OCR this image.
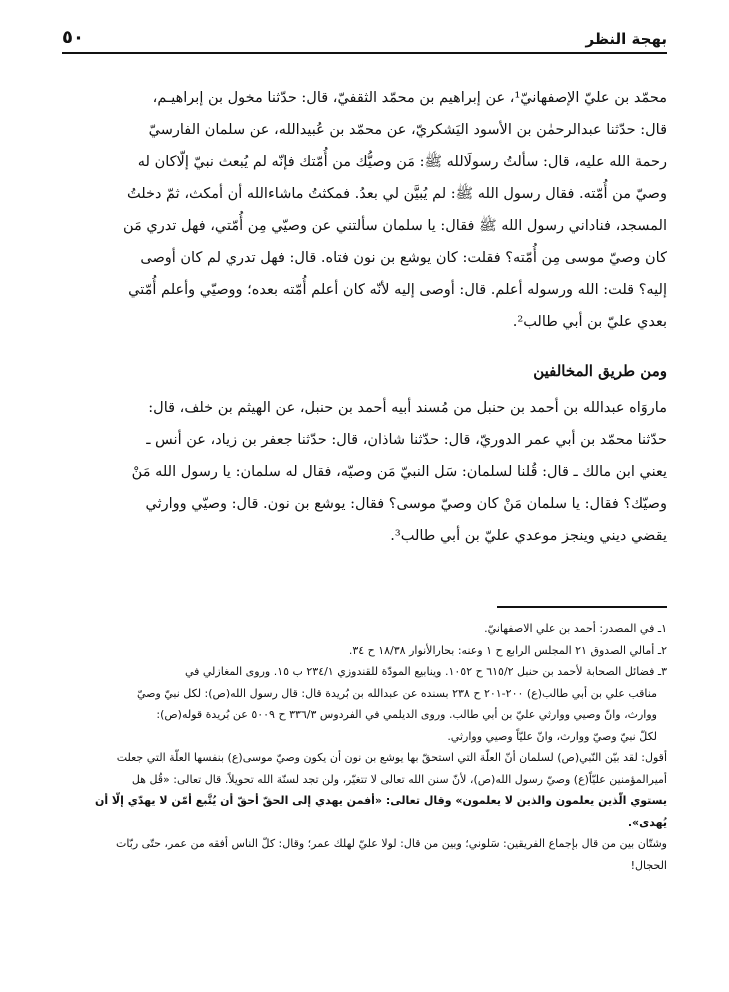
٥٠	بهجة النظر
محمّد بن عليّ الإصفهانيّ¹، عن إبراهيم بن محمّد الثقفيّ، قال: حدّثنا مخول بن إبراهيـم،
قال: حدّثنا عبدالرحمٰن بن الأسود اليَشكريّ، عن محمّد بن عُبيدالله، عن سلمان الفارسيّ
رحمة الله عليه، قال: سألتُ رسولَالله ﷺ: مَن وصيُّك من أُمّتك فإنّه لم يُبعث نبيّ إلّاكان له
وصيّ من أُمّته. فقال رسول الله ﷺ: لم يُبيَّن لي بعدُ. فمكثتُ ماشاءالله أن أمكث، ثمّ دخلتُ
المسجد، فناداني رسول الله ﷺ فقال: يا سلمان سألتني عن وصيّي مِن أُمّتي، فهل تدري مَن
كان وصيّ موسى مِن أُمّته؟ فقلت: كان يوشع بن نون فتاه. قال: فهل تدري لم كان أوصى
إليه؟ قلت: الله ورسوله أعلم. قال: أوصى إليه لأنّه كان أعلم أُمّته بعده؛ ووصيّي وأعلم أُمّتي
بعدي عليّ بن أبي طالب².
ومن طريق المخالفين
ماروَاه عبدالله بن أحمد بن حنبل من مُسند أبيه أحمد بن حنبل، عن الهيثم بن خلف، قال:
حدّثنا محمّد بن أبي عمر الدوريّ، قال: حدّثنا شاذان، قال: حدّثنا جعفر بن زياد، عن أنس ـ
يعني ابن مالك ـ قال: قُلنا لسلمان: سَل النبيّ مَن وصيّه، فقال له سلمان: يا رسول الله مَنْ
وصيّك؟ فقال: يا سلمان مَنْ كان وصيّ موسى؟ فقال: يوشع بن نون. قال: وصيّي ووارثي
يقضي ديني وينجز موعدي عليّ بن أبي طالب³.
١ـ في المصدر: أحمد بن علي الاصفهانيّ.
٢ـ أمالي الصدوق ٢١ المجلس الرابع ح ١ وعنه: بحارالأنوار ١٨/٣٨ ح ٣٤.
٣ـ فضائل الصحابة لأحمد بن حنبل ٦١٥/٢ ح ١٠٥٢. وينابيع المودّة للقندوزي ٢٣٤/١ ب ١٥. وروى المغازلي في
مناقب علي بن أبي طالب(ع) ٢٠٠-٢٠١ ح ٢٣٨ بسنده عن عبدالله بن بُريدة قال: قال رسول الله(ص): لكل نبيّ وصيّ
ووارث، وانّ وصيي ووارثي عليّ بن أبي طالب. وروى الديلمي في الفردوس ٣٣٦/٣ ح ٥٠٠٩ عن بُريدة قوله(ص):
لكلّ نبيّ وصيّ ووارث، وانّ عليّاً وصيي ووارثي.
أقول: لقد بيّن النّبي(ص) لسلمان أنّ العلّة التي استحقّ بها يوشع بن نون أن يكون وصيّ موسى(ع) بنفسها العلّة التي جعلت
أميرالمؤمنين عليّاً(ع) وصيّ رسول الله(ص)، لأنّ سنن الله تعالى لا تتغيّر، ولن تجد لسنّة الله تحويلاً. قال تعالى: «قُل هل
يستوي الّذين يعلمون والذين لا يعلمون» وقال تعالى: «أفمن يهدي إلى الحقّ أحقّ أن يُتَّبع أمّن لا يهدّي إلّا أن
يُهدى».
وشتّان بين من قال بإجماع الفريقين: سَلوني؛ وبين من قال: لولا عليّ لهلك عمر؛ وقال: كلّ الناس أفقه من عمر، حتّى ربّات
الحجال!
